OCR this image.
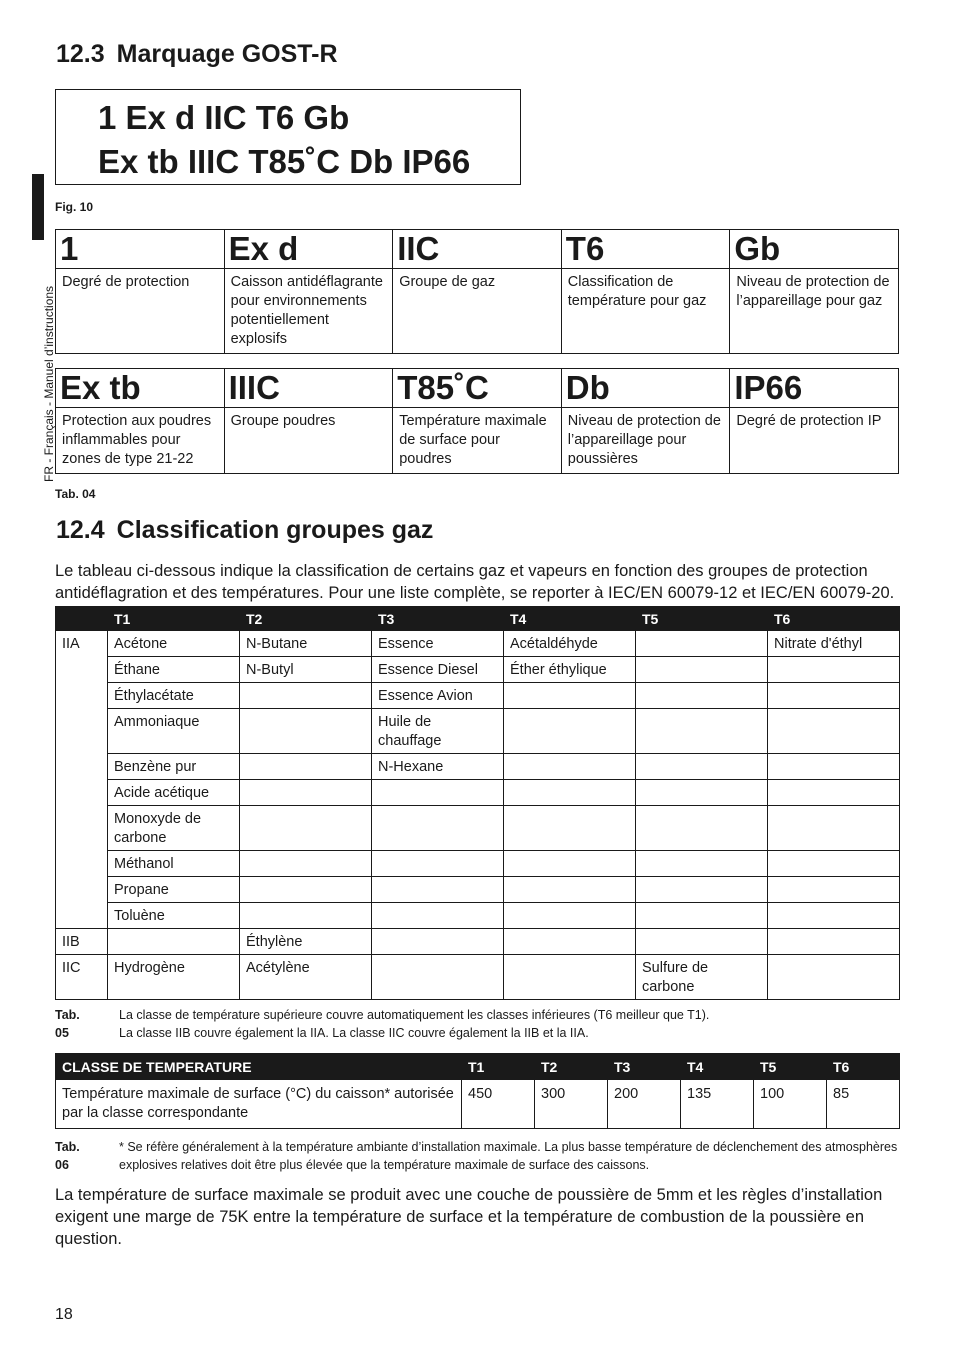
FR - Français - Manuel d’instructions
12.3 Marquage GOST-R
1 Ex d IIC T6 Gb
Ex tb IIIC T85˚C Db IP66
Fig. 10
1	Ex d	IIC	T6	Gb
Degré de protection	Caisson antidéflagrante pour environnements potentiellement explosifs	Groupe de gaz	Classification de température pour gaz	Niveau de protection de l’appareillage pour gaz
Ex tb	IIIC	T85˚C	Db	IP66
Protection aux poudres inflammables pour zones de type 21-22	Groupe poudres	Température maximale de surface pour poudres	Niveau de protection de l’appareillage pour poussières	Degré de protection IP
Tab. 04
12.4 Classification groupes gaz

Le tableau ci-dessous indique la classification de certains gaz et vapeurs en fonction des groupes de protection antidéflagration et des températures. Pour une liste complète, se reporter à IEC/EN 60079-12 et IEC/EN 60079-20.

	T1	T2	T3	T4	T5	T6
IIA	Acétone	N-Butane	Essence	Acétaldéhyde		Nitrate d'éthyl
	Éthane	N-Butyl	Essence Diesel	Éther éthylique		
	Éthylacétate		Essence Avion			
	Ammoniaque		Huile de chauffage			
	Benzène pur		N-Hexane			
	Acide acétique					
	Monoxyde de carbone					
	Méthanol					
	Propane					
	Toluène					
IIB		Éthylène				
IIC	Hydrogène	Acétylène			Sulfure de carbone	
Tab. 05
La classe de température supérieure couvre automatiquement les classes inférieures (T6 meilleur que T1).
La classe IIB couvre également la IIA. La classe IIC couvre également la IIB et la IIA.
CLASSE DE TEMPERATURE	T1	T2	T3	T4	T5	T6
Température maximale de surface (°C) du caisson* autorisée par la classe correspondante	450	300	200	135	100	85
Tab. 06
* Se réfère généralement à la température ambiante d’installation maximale. La plus basse température de déclenchement des atmosphères explosives relatives doit être plus élevée que la température maximale de surface des caissons.

La température de surface maximale se produit avec une couche de poussière de 5mm et les règles d’installation exigent une marge de 75K entre la température de surface et la température de combustion de la poussière en question.

18
